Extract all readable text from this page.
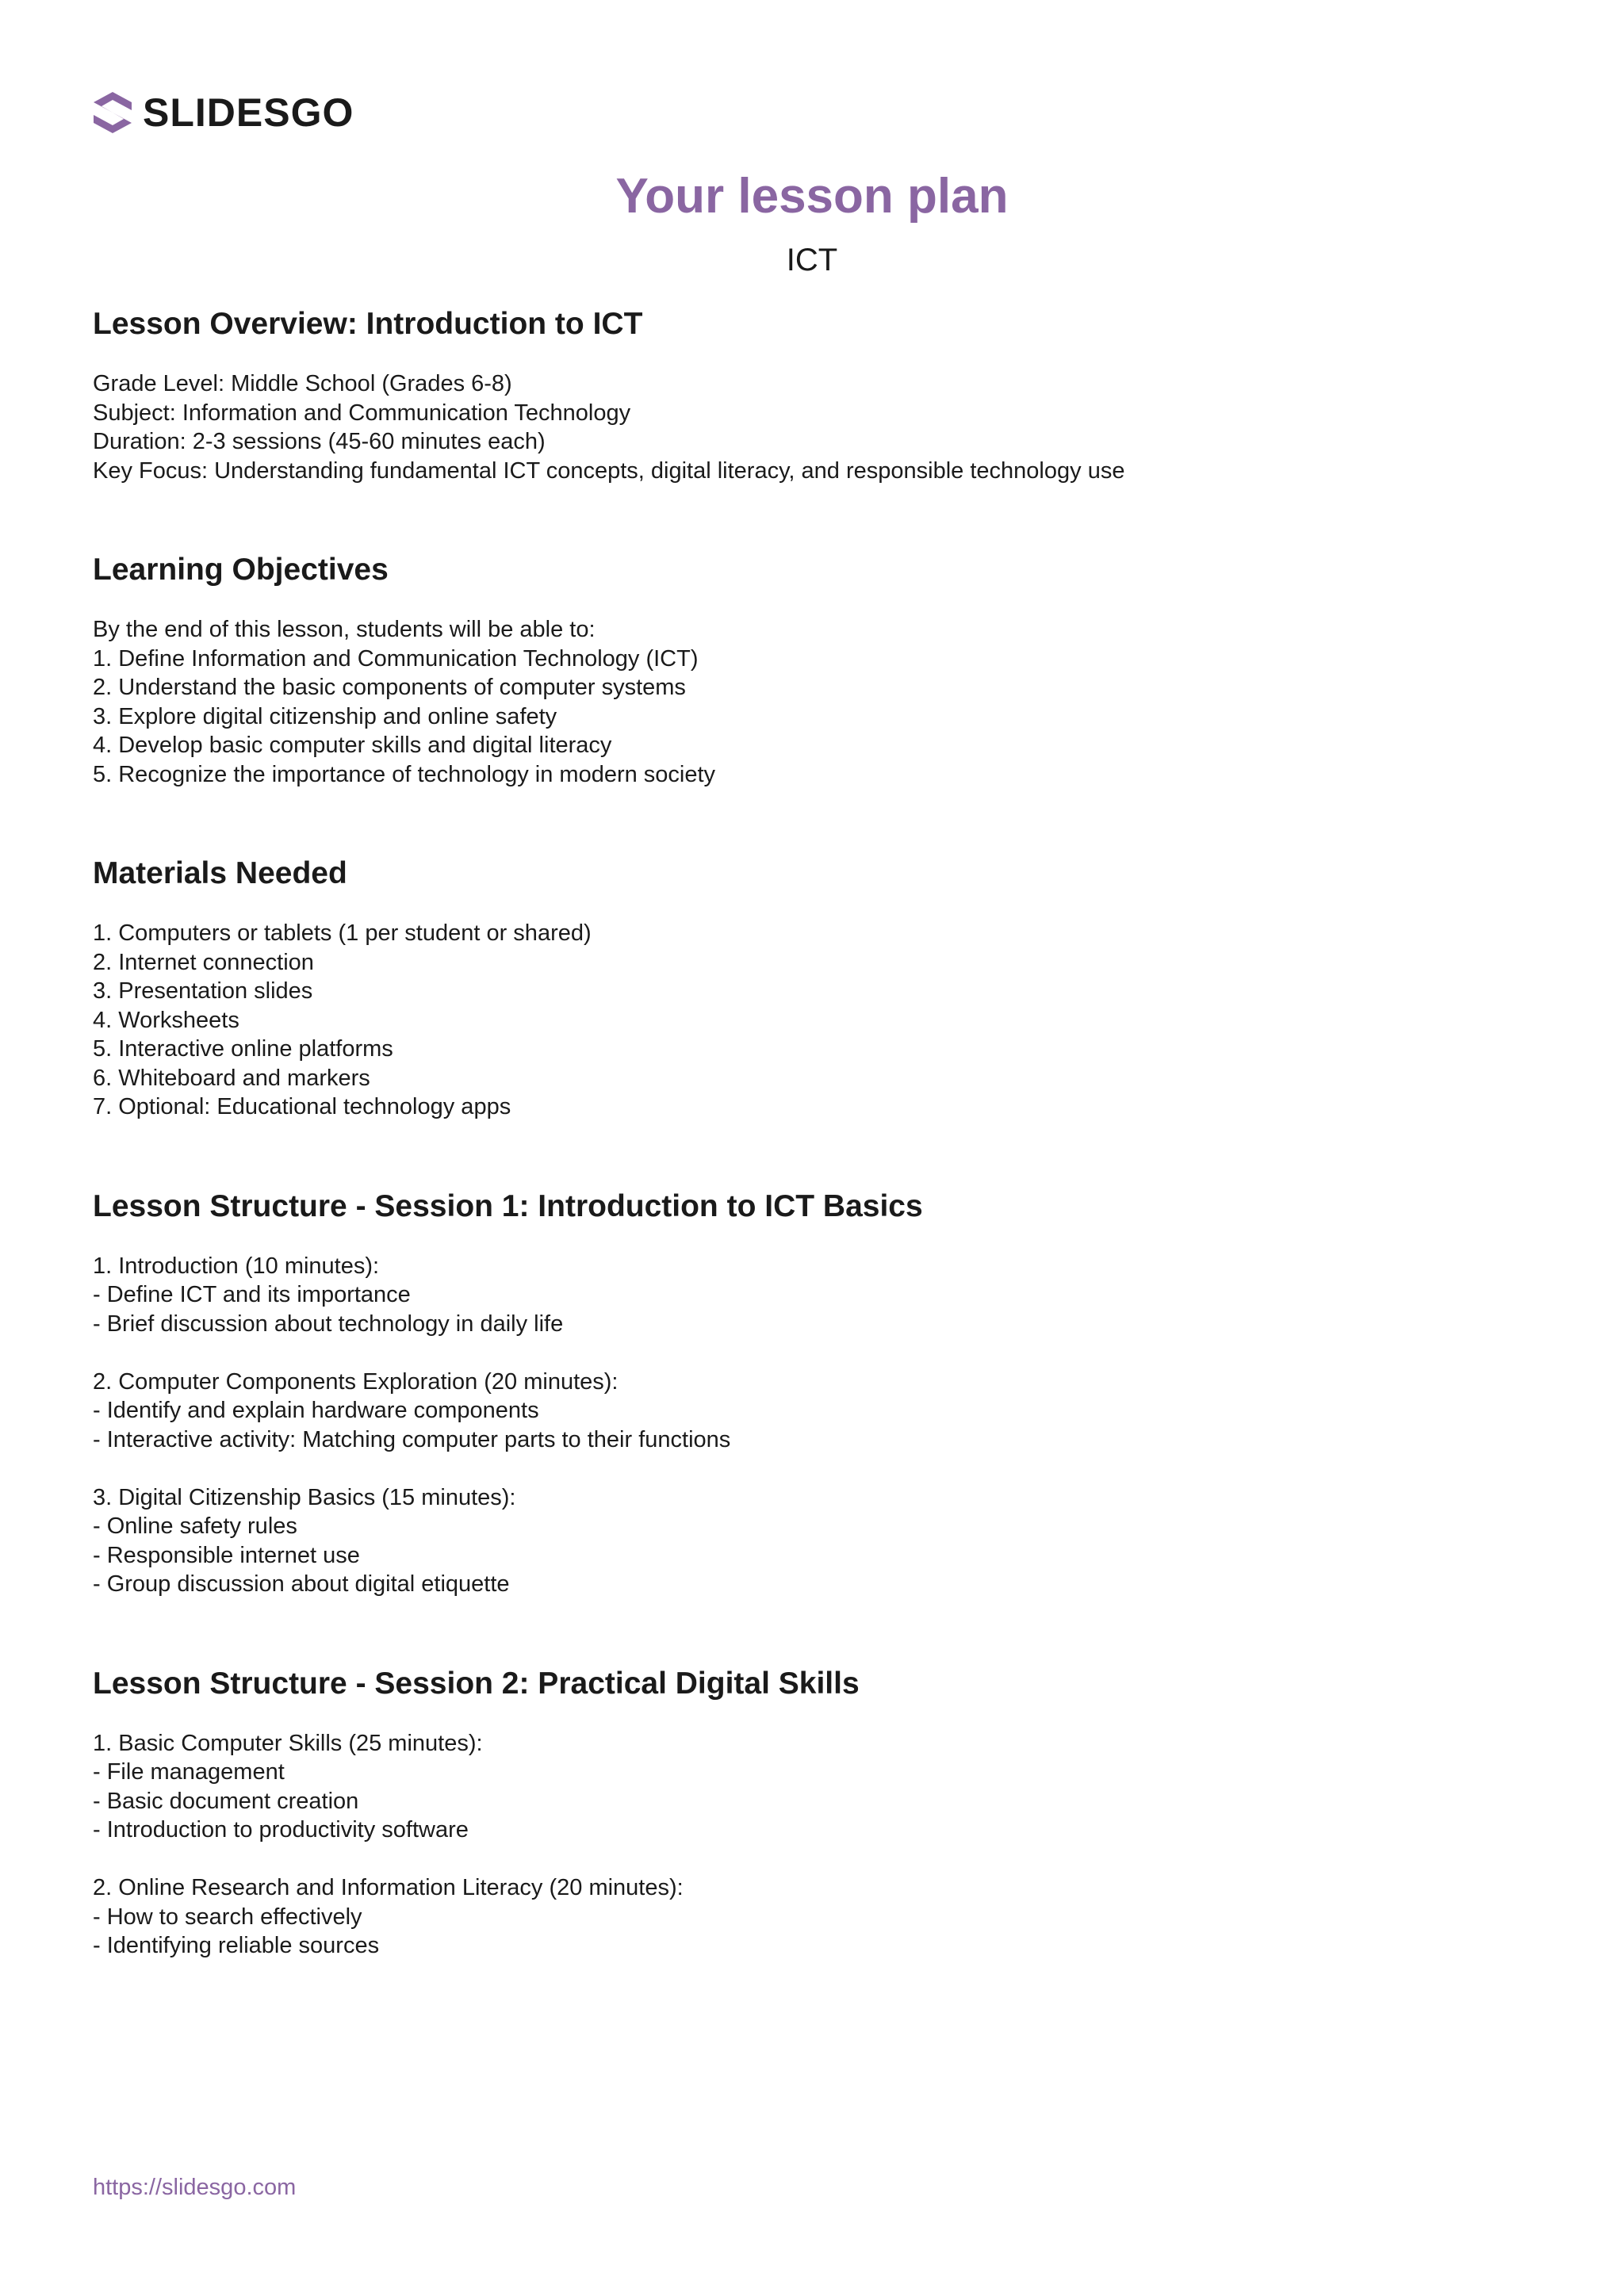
SLIDESGO
Your lesson plan
ICT
Lesson Overview: Introduction to ICT
Grade Level: Middle School (Grades 6-8)
Subject: Information and Communication Technology
Duration: 2-3 sessions (45-60 minutes each)
Key Focus: Understanding fundamental ICT concepts, digital literacy, and responsible technology use
Learning Objectives
By the end of this lesson, students will be able to:
1. Define Information and Communication Technology (ICT)
2. Understand the basic components of computer systems
3. Explore digital citizenship and online safety
4. Develop basic computer skills and digital literacy
5. Recognize the importance of technology in modern society
Materials Needed
1. Computers or tablets (1 per student or shared)
2. Internet connection
3. Presentation slides
4. Worksheets
5. Interactive online platforms
6. Whiteboard and markers
7. Optional: Educational technology apps
Lesson Structure - Session 1: Introduction to ICT Basics
1. Introduction (10 minutes):
- Define ICT and its importance
- Brief discussion about technology in daily life
2. Computer Components Exploration (20 minutes):
- Identify and explain hardware components
- Interactive activity: Matching computer parts to their functions
3. Digital Citizenship Basics (15 minutes):
- Online safety rules
- Responsible internet use
- Group discussion about digital etiquette
Lesson Structure - Session 2: Practical Digital Skills
1. Basic Computer Skills (25 minutes):
- File management
- Basic document creation
- Introduction to productivity software
2. Online Research and Information Literacy (20 minutes):
- How to search effectively
- Identifying reliable sources
https://slidesgo.com
